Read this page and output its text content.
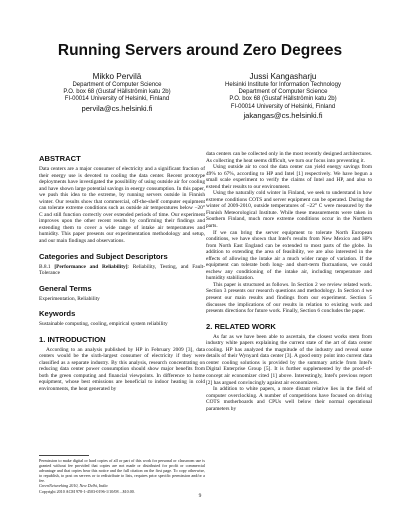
Running Servers around Zero Degrees
Mikko Pervilä
Department of Computer Science
P.O. box 68 (Gustaf Hällströmin katu 2b)
FI-00014 University of Helsinki, Finland
pervila@cs.helsinki.fi
Jussi Kangasharju
Helsinki Institute for Information Technology
Department of Computer Science
P.O. box 68 (Gustaf Hällströmin katu 2b)
FI-00014 University of Helsinki, Finland
jakangas@cs.helsinki.fi
ABSTRACT

Data centers are a major consumer of electricity and a significant fraction of their energy use is devoted to cooling the data center. Recent prototype deployments have investigated the possibility of using outside air for cooling and have shown large potential savings in energy consumption. In this paper, we push this idea to the extreme, by running servers outside in Finnish winter. Our results show that commercial, off-the-shelf computer equipment can tolerate extreme conditions such as outside air temperatures below −20° C and still function correctly over extended periods of time. Our experiment improves upon the other recent results by confirming their findings and extending them to cover a wide range of intake air temperatures and humidity. This paper presents our experimentation methodology and setup, and our main findings and observations.

Categories and Subject Descriptors

B.8.1 [Performance and Reliability]: Reliability, Testing, and Fault-Tolerance

General Terms

Experimentation, Reliability

Keywords

Sustainable computing, cooling, empirical system reliability

1. INTRODUCTION

According to an analysis published by HP in February 2009 [3], data centers would be the sixth-largest consumer of electricity if they were classified as a separate industry. By this analysis, research concentrating on reducing data center power consumption should show major benefits from both the green computing and financial viewpoints. In difference to home equipment, whose best emissions are beneficial to indoor heating in cold environments, the heat generated by

Permission to make digital or hard copies of all or part of this work for personal or classroom use is granted without fee provided that copies are not made or distributed for profit or commercial advantage and that copies bear this notice and the full citation on the first page. To copy otherwise, to republish, to post on servers or to redistribute to lists, requires prior specific permission and/or a fee.

GreenNetworking 2010, New Delhi, India

Copyright 2010 ACM 978-1-4503-0196-1/10/08 ...$10.00.

data centers can be collected only in the most recently designed architectures. As collecting the heat seems difficult, we turn our focus into preventing it.

Using outside air to cool the data center can yield energy savings from 49% to 67%, according to HP and Intel [1] respectively. We have begun a small scale experiment to verify the claims of Intel and HP, and also to extend their results to our environment.

Using the naturally cold winter in Finland, we seek to understand in how extreme conditions COTS and server equipment can be operated. During the winter of 2009-2010, outside temperatures of −22° C were measured by the Finnish Meteorological Institute. While these measurements were taken in Southern Finland, much more extreme conditions occur in the Northern parts.

If we can bring the server equipment to tolerate North European conditions, we have shown that Intel's results from New Mexico and HP's from North East England can be extended to most parts of the globe. In addition to extending the area of feasibility, we are also interested in the effects of allowing the intake air a much wider range of variation. If the equipment can tolerate both long- and short-term fluctuations, we could eschew any conditioning of the intake air, including temperature and humidity stabilization.

This paper is structured as follows. In Section 2 we review related work. Section 3 presents our research questions and methodology. In Section 4 we present our main results and findings from our experiment. Section 5 discusses the implications of our results in relation to existing work and presents directions for future work. Finally, Section 6 concludes the paper.

2. RELATED WORK

As far as we have been able to ascertain, the closest works stem from industry white papers explaining the current state of the art of data center cooling. HP has analyzed the magnitude of the industry and reveal some details of their Wynyard data center [3]. A good entry point into current data center cooling solutions is provided by the summary article from Intel's Digital Enterprise Group [5]. It is further supplemented by the proof-of-concept air economizer cited [1] above. Interestingly, Intel's previous report [2] has argued convincingly against air economizers.

In addition to white papers, a more distant relative lies in the field of computer overclocking. A number of competitions have focused on driving COTS motherboards and CPUs well below their normal operational parameters by

9
